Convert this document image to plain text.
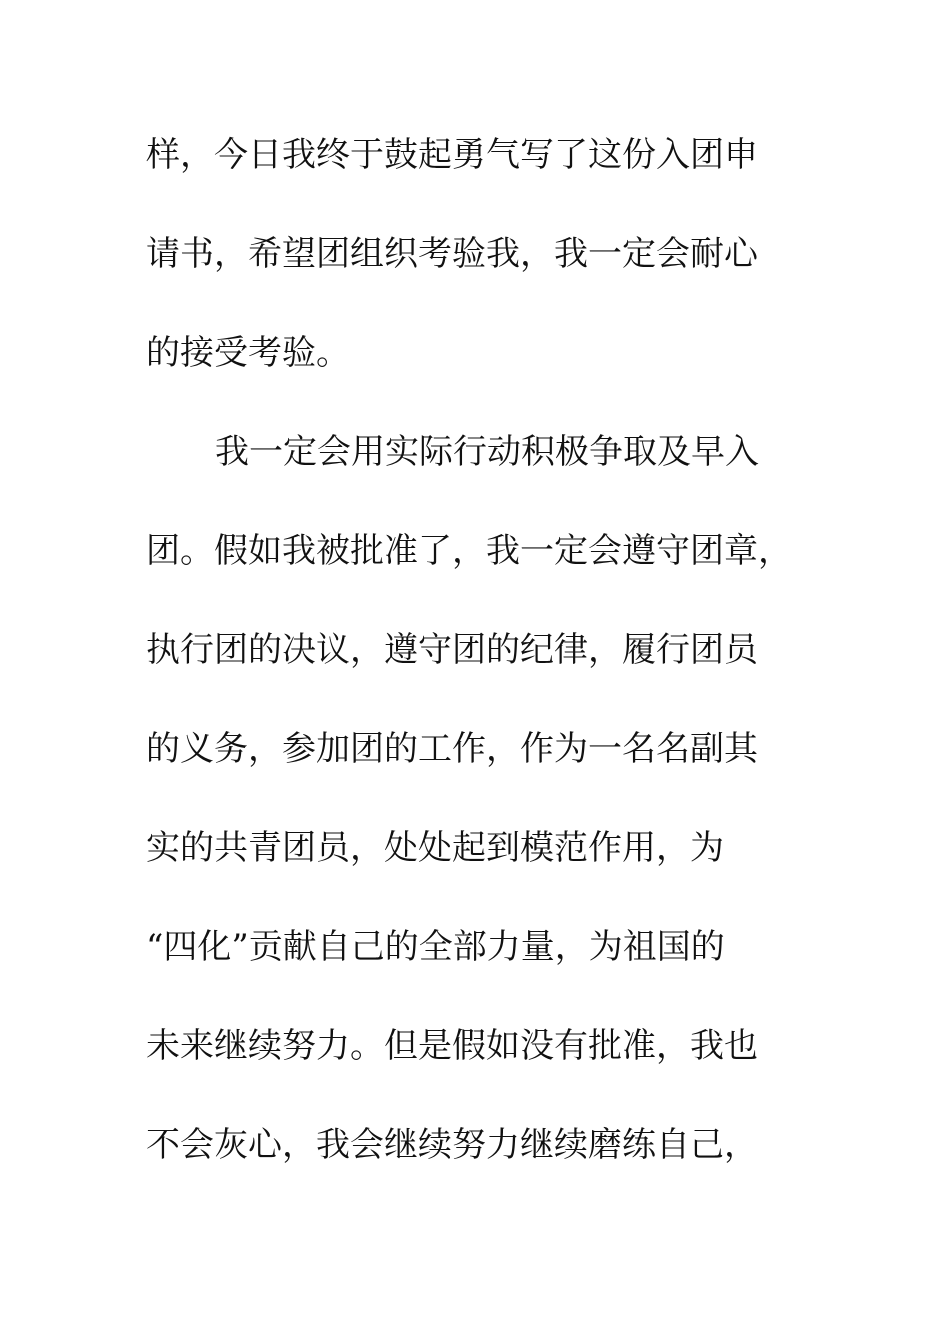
样，今日我终于鼓起勇气写了这份入团申
请书，希望团组织考验我，我一定会耐心
的接受考验。
我一定会用实际行动积极争取及早入
团。假如我被批准了，我一定会遵守团章，
执行团的决议，遵守团的纪律，履行团员
的义务，参加团的工作，作为一名名副其
实的共青团员，处处起到模范作用，为
“四化”贡献自己的全部力量，为祖国的
未来继续努力。但是假如没有批准，我也
不会灰心，我会继续努力继续磨练自己，
